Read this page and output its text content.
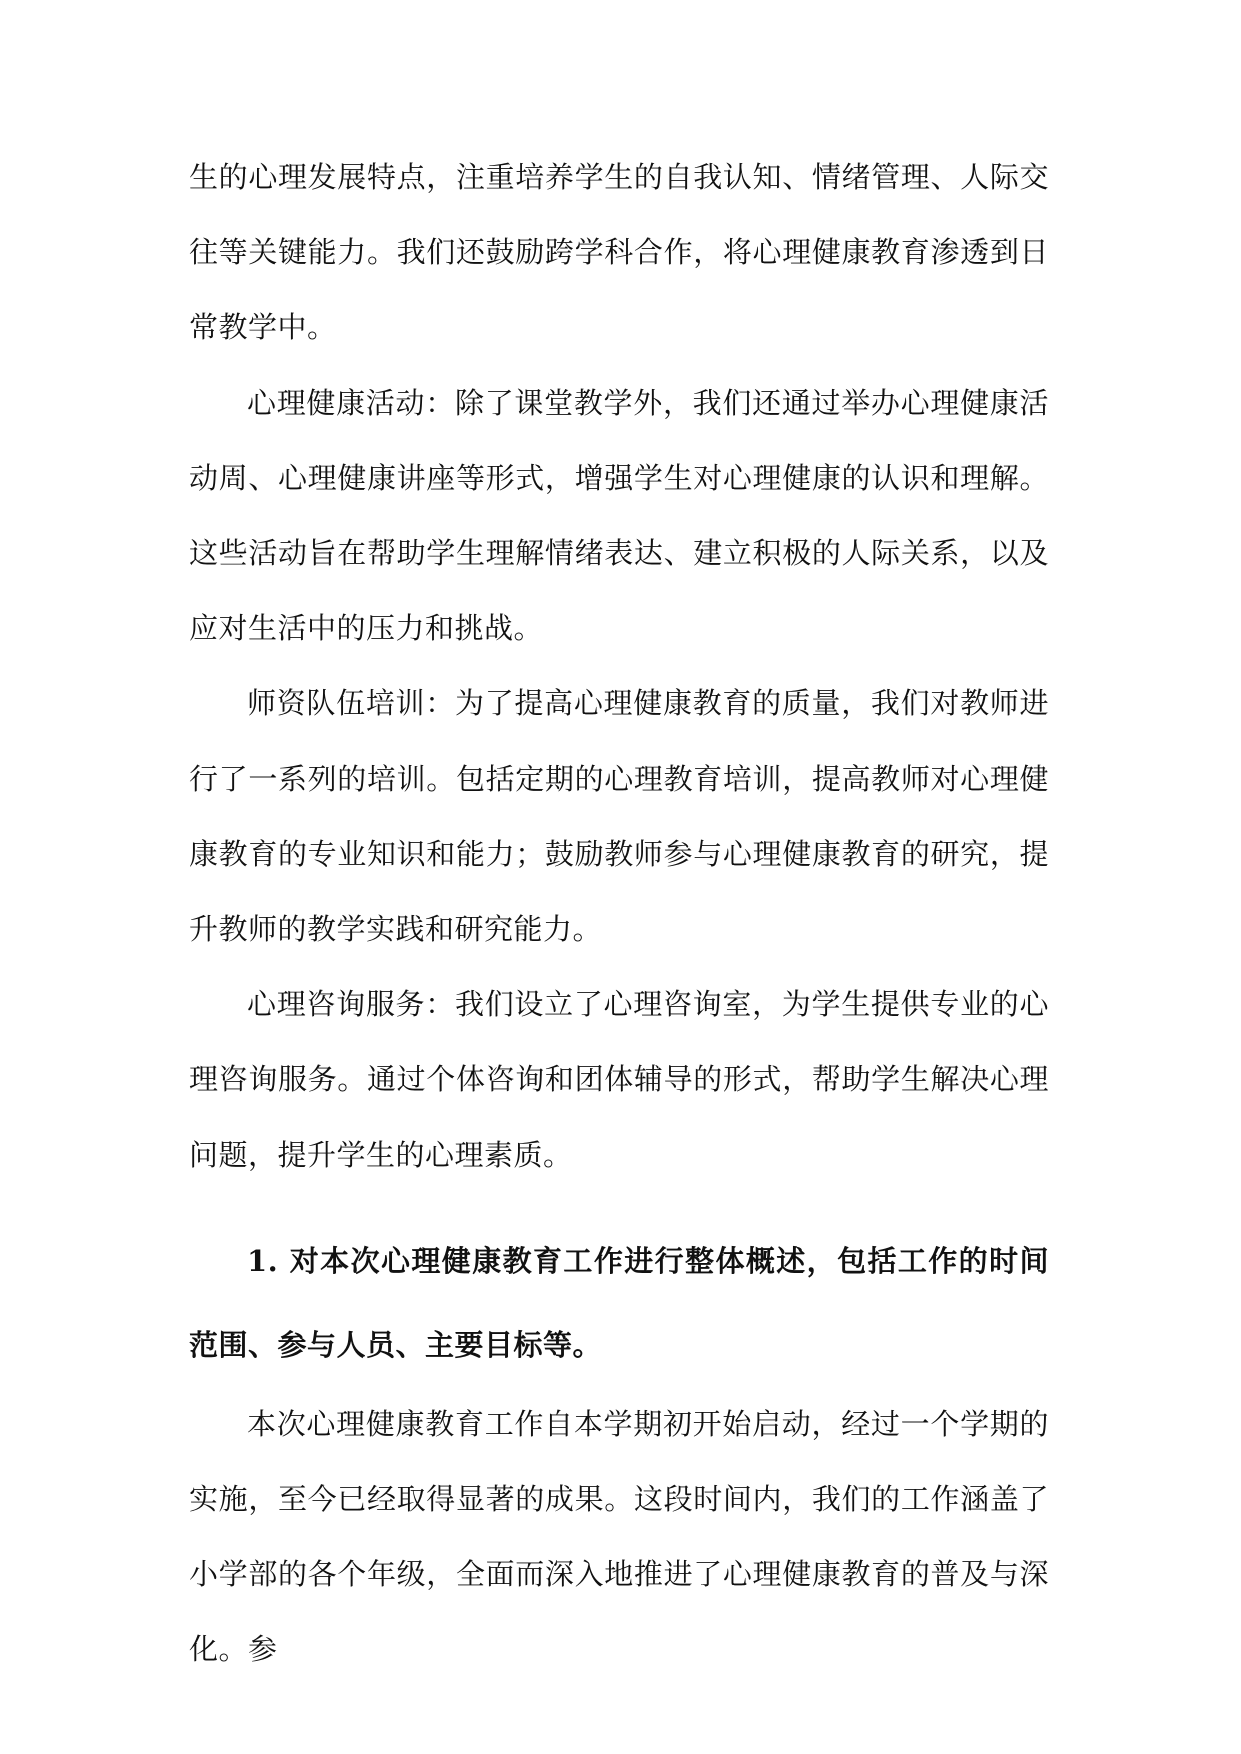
生的心理发展特点，注重培养学生的自我认知、情绪管理、人际交往等关键能力。我们还鼓励跨学科合作，将心理健康教育渗透到日常教学中。

心理健康活动：除了课堂教学外，我们还通过举办心理健康活动周、心理健康讲座等形式，增强学生对心理健康的认识和理解。这些活动旨在帮助学生理解情绪表达、建立积极的人际关系，以及应对生活中的压力和挑战。

师资队伍培训：为了提高心理健康教育的质量，我们对教师进行了一系列的培训。包括定期的心理教育培训，提高教师对心理健康教育的专业知识和能力；鼓励教师参与心理健康教育的研究，提升教师的教学实践和研究能力。

心理咨询服务：我们设立了心理咨询室，为学生提供专业的心理咨询服务。通过个体咨询和团体辅导的形式，帮助学生解决心理问题，提升学生的心理素质。

1. 对本次心理健康教育工作进行整体概述，包括工作的时间范围、参与人员、主要目标等。

本次心理健康教育工作自本学期初开始启动，经过一个学期的实施，至今已经取得显著的成果。这段时间内，我们的工作涵盖了小学部的各个年级，全面而深入地推进了心理健康教育的普及与深化。参
